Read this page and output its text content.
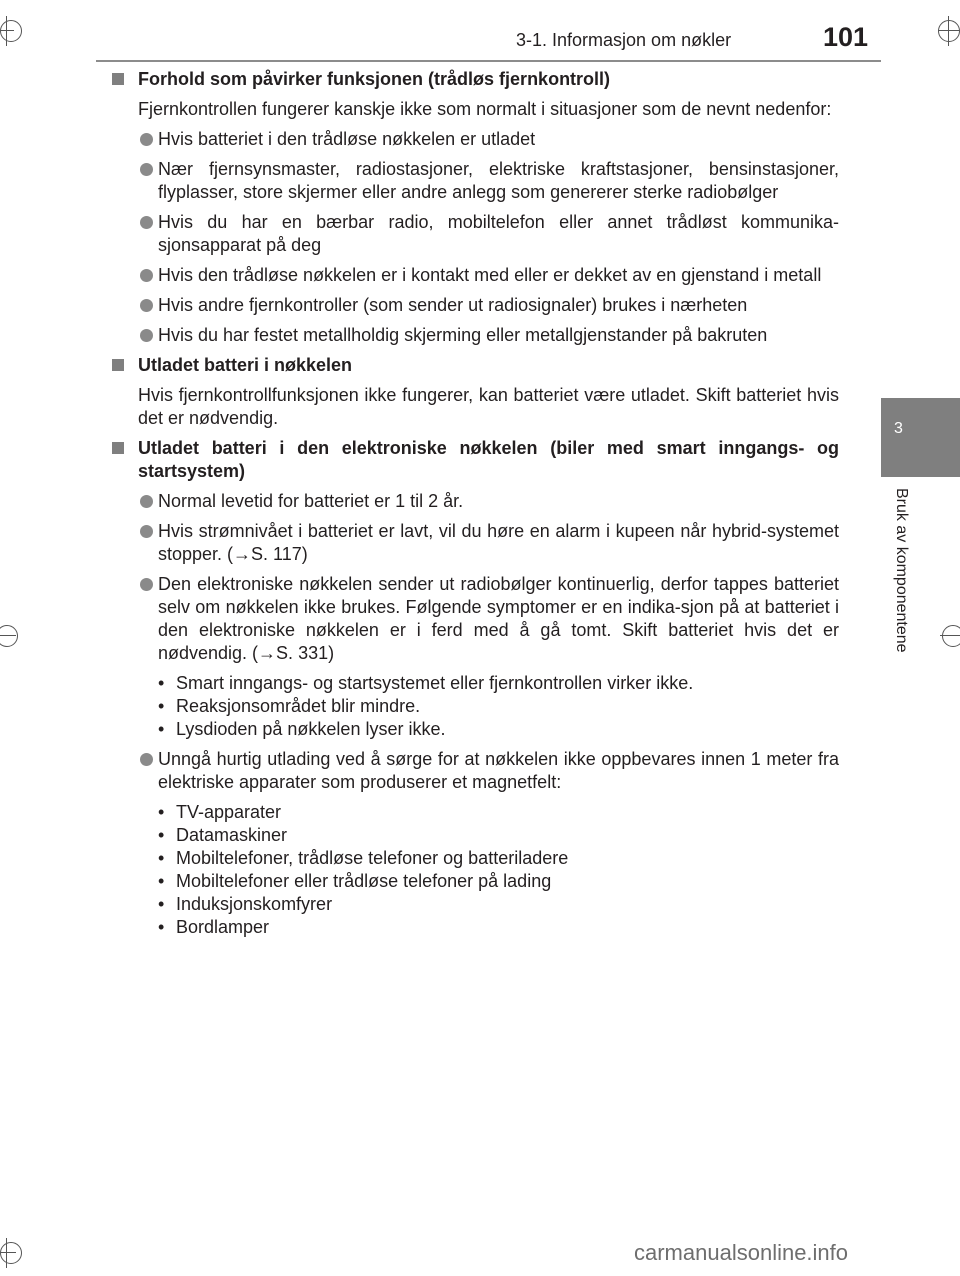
3-1. Informasjon om nøkler	101
3
Bruk av komponentene
Forhold som påvirker funksjonen (trådløs fjernkontroll)
Fjernkontrollen fungerer kanskje ikke som normalt i situasjoner som de nevnt nedenfor:
Hvis batteriet i den trådløse nøkkelen er utladet
Nær fjernsynsmaster, radiostasjoner, elektriske kraftstasjoner, bensinstasjoner, flyplasser, store skjermer eller andre anlegg som genererer sterke radiobølger
Hvis du har en bærbar radio, mobiltelefon eller annet trådløst kommunika-sjonsapparat på deg
Hvis den trådløse nøkkelen er i kontakt med eller er dekket av en gjenstand i metall
Hvis andre fjernkontroller (som sender ut radiosignaler) brukes i nærheten
Hvis du har festet metallholdig skjerming eller metallgjenstander på bakruten
Utladet batteri i nøkkelen
Hvis fjernkontrollfunksjonen ikke fungerer, kan batteriet være utladet. Skift batteriet hvis det er nødvendig.
Utladet batteri i den elektroniske nøkkelen (biler med smart inngangs- og startsystem)
Normal levetid for batteriet er 1 til 2 år.
Hvis strømnivået i batteriet er lavt, vil du høre en alarm i kupeen når hybrid-systemet stopper. (→S. 117)
Den elektroniske nøkkelen sender ut radiobølger kontinuerlig, derfor tappes batteriet selv om nøkkelen ikke brukes. Følgende symptomer er en indika-sjon på at batteriet i den elektroniske nøkkelen er i ferd med å gå tomt. Skift batteriet hvis det er nødvendig. (→S. 331)
• Smart inngangs- og startsystemet eller fjernkontrollen virker ikke.
• Reaksjonsområdet blir mindre.
• Lysdioden på nøkkelen lyser ikke.
Unngå hurtig utlading ved å sørge for at nøkkelen ikke oppbevares innen 1 meter fra elektriske apparater som produserer et magnetfelt:
• TV-apparater
• Datamaskiner
• Mobiltelefoner, trådløse telefoner og batteriladere
• Mobiltelefoner eller trådløse telefoner på lading
• Induksjonskomfyrer
• Bordlamper
carmanualsonline.info
